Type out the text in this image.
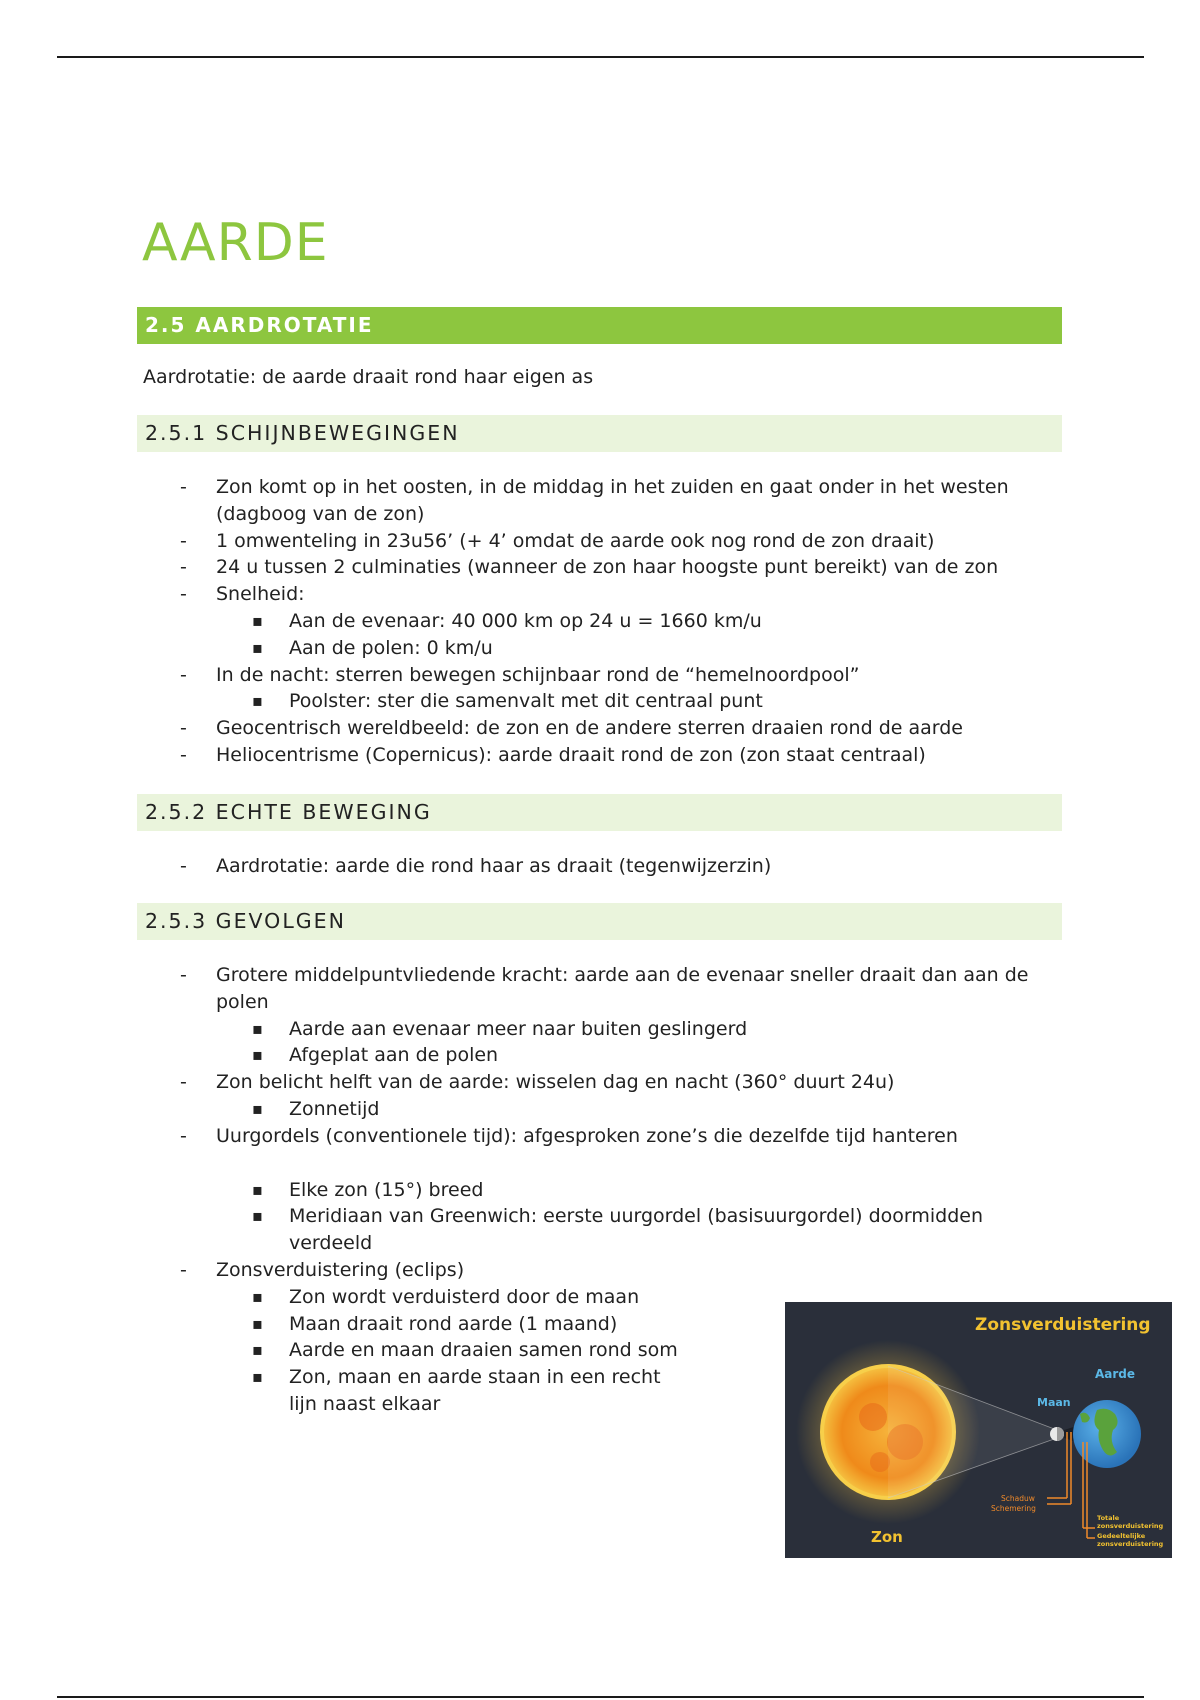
AARDE
2.5 AARDROTATIE
Aardrotatie: de aarde draait rond haar eigen as
2.5.1 SCHIJNBEWEGINGEN
- Zon komt op in het oosten, in de middag in het zuiden en gaat onder in het westen (dagboog van de zon)
- 1 omwenteling in 23u56’ (+ 4’ omdat de aarde ook nog rond de zon draait)
- 24 u tussen 2 culminaties (wanneer de zon haar hoogste punt bereikt) van de zon
- Snelheid:
▪ Aan de evenaar: 40 000 km op 24 u = 1660 km/u
▪ Aan de polen: 0 km/u
- In de nacht: sterren bewegen schijnbaar rond de “hemelnoordpool”
▪ Poolster: ster die samenvalt met dit centraal punt
- Geocentrisch wereldbeeld: de zon en de andere sterren draaien rond de aarde
- Heliocentrisme (Copernicus): aarde draait rond de zon (zon staat centraal)
2.5.2 ECHTE BEWEGING
- Aardrotatie: aarde die rond haar as draait (tegenwijzerzin)
2.5.3 GEVOLGEN
- Grotere middelpuntvliedende kracht: aarde aan de evenaar sneller draait dan aan de polen
▪ Aarde aan evenaar meer naar buiten geslingerd
▪ Afgeplat aan de polen
- Zon belicht helft van de aarde: wisselen dag en nacht (360° duurt 24u)
▪ Zonnetijd
- Uurgordels (conventionele tijd): afgesproken zone’s die dezelfde tijd hanteren
▪ Elke zon (15°) breed
▪ Meridiaan van Greenwich: eerste uurgordel (basisuurgordel) doormidden verdeeld
- Zonsverduistering (eclips)
▪ Zon wordt verduisterd door de maan
▪ Maan draait rond aarde (1 maand)
▪ Aarde en maan draaien samen rond som
▪ Zon, maan en aarde staan in een recht lijn naast elkaar
Zonsverduistering
Aarde
Maan
Zon
Schaduw
Schemering
Totale
zonsverduistering
Gedeeltelijke
zonsverduistering
